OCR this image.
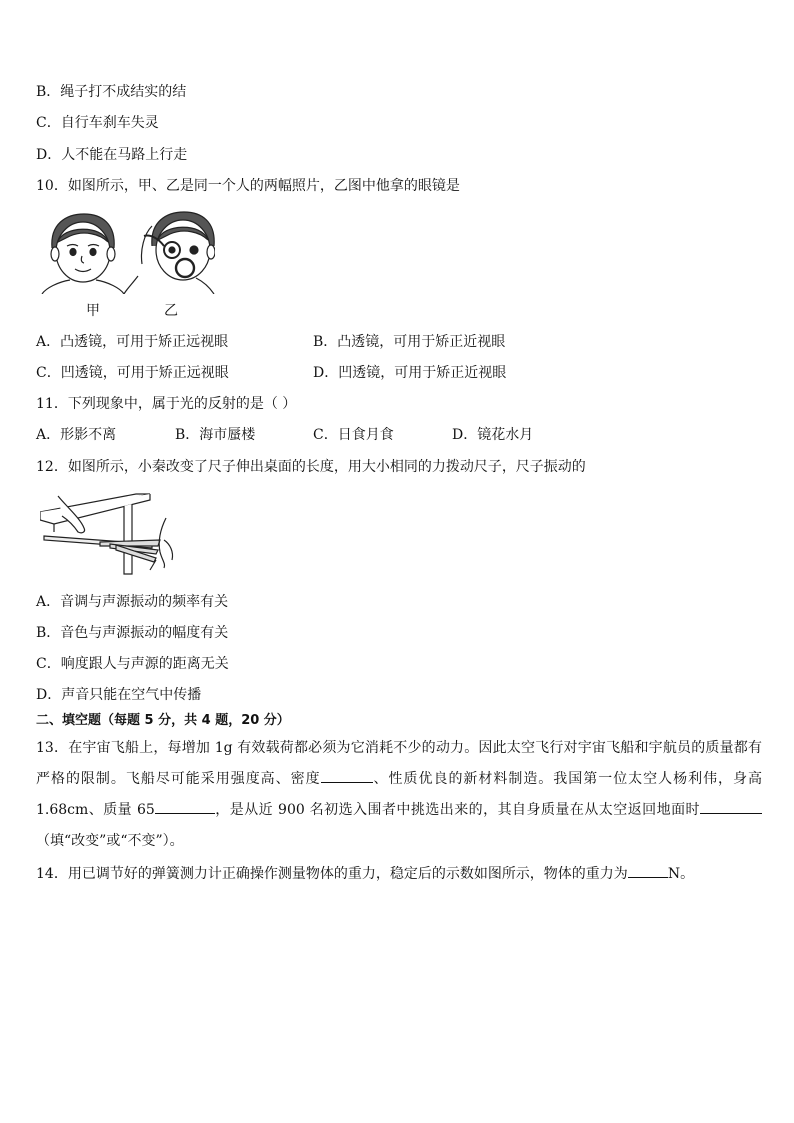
B．绳子打不成结实的结
C．自行车刹车失灵
D．人不能在马路上行走
10．如图所示，甲、乙是同一个人的两幅照片，乙图中他拿的眼镜是
甲	乙
A．凸透镜，可用于矫正远视眼	B．凸透镜，可用于矫正近视眼
C．凹透镜，可用于矫正远视眼	D．凹透镜，可用于矫正近视眼
11．下列现象中，属于光的反射的是（ ）
A．形影不离	B．海市蜃楼	C．日食月食	D．镜花水月
12．如图所示，小秦改变了尺子伸出桌面的长度，用大小相同的力拨动尺子，尺子振动的
A．音调与声源振动的频率有关
B．音色与声源振动的幅度有关
C．响度跟人与声源的距离无关
D．声音只能在空气中传播
二、填空题（每题 5 分，共 4 题，20 分）
13．在宇宙飞船上，每增加 1g 有效载荷都必须为它消耗不少的动力。因此太空飞行对宇宙飞船和宇航员的质量都有严格的限制。飞船尽可能采用强度高、密度	、性质优良的新材料制造。我国第一位太空人杨利伟，身高 1.68cm、质量 65	，是从近 900 名初选入围者中挑选出来的，其自身质量在从太空返回地面时（填“改变”或“不变”）。
14．用已调节好的弹簧测力计正确操作测量物体的重力，稳定后的示数如图所示，物体的重力为	N。
